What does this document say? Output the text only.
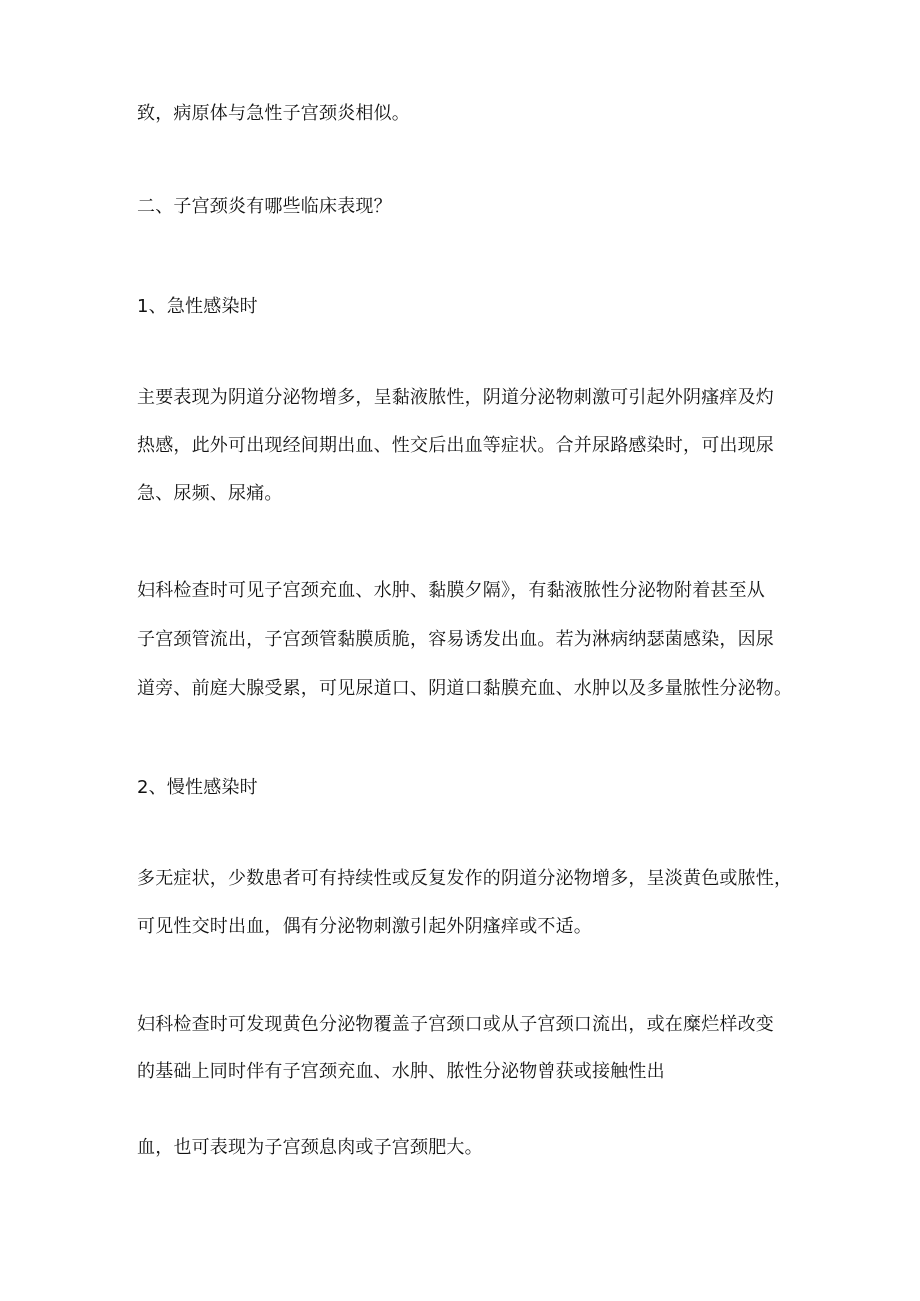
致，病原体与急性子宫颈炎相似。
二、子宫颈炎有哪些临床表现？
1、急性感染时
主要表现为阴道分泌物增多，呈黏液脓性，阴道分泌物刺激可引起外阴瘙痒及灼
热感，此外可出现经间期出血、性交后出血等症状。合并尿路感染时，可出现尿
急、尿频、尿痛。
妇科检查时可见子宫颈充血、水肿、黏膜夕隔》，有黏液脓性分泌物附着甚至从
子宫颈管流出，子宫颈管黏膜质脆，容易诱发出血。若为淋病纳瑟菌感染，因尿
道旁、前庭大腺受累，可见尿道口、阴道口黏膜充血、水肿以及多量脓性分泌物。
2、慢性感染时
多无症状，少数患者可有持续性或反复发作的阴道分泌物增多，呈淡黄色或脓性，
可见性交时出血，偶有分泌物刺激引起外阴瘙痒或不适。
妇科检查时可发现黄色分泌物覆盖子宫颈口或从子宫颈口流出，或在糜烂样改变
的基础上同时伴有子宫颈充血、水肿、脓性分泌物曾获或接触性出
血，也可表现为子宫颈息肉或子宫颈肥大。
